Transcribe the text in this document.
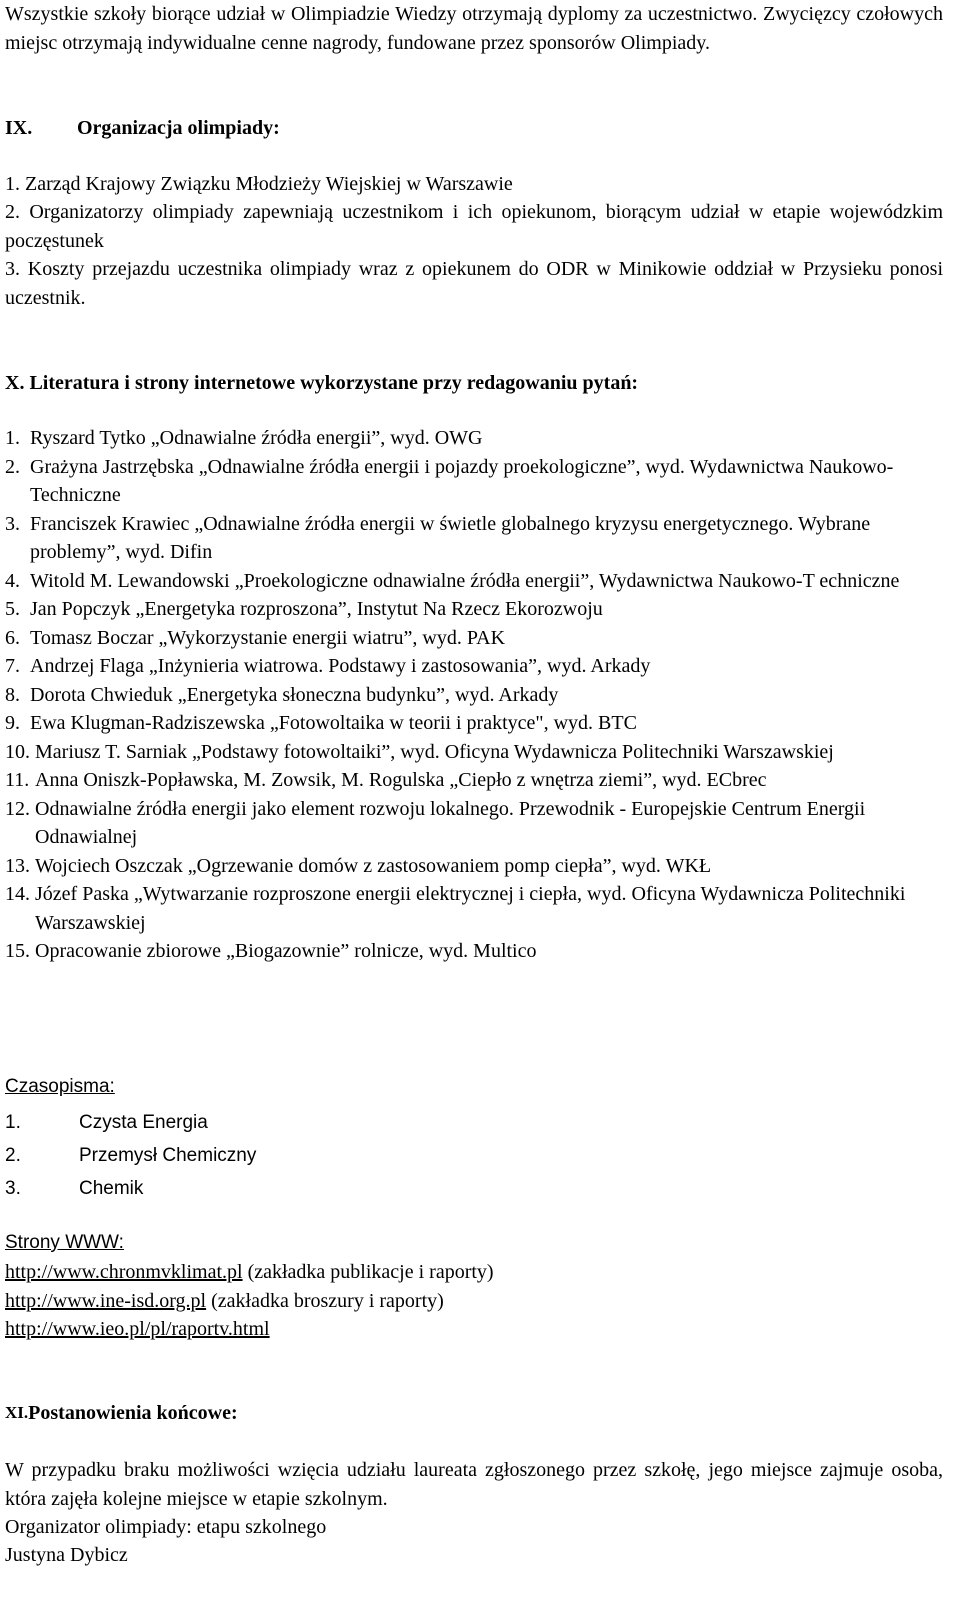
Wszystkie szkoły biorące udział w Olimpiadzie Wiedzy otrzymają dyplomy za uczestnictwo. Zwycięzcy czołowych miejsc otrzymają indywidualne cenne nagrody, fundowane przez sponsorów Olimpiady.

IX.	Organizacja olimpiady:

1. Zarząd Krajowy Związku Młodzieży Wiejskiej w Warszawie

2. Organizatorzy olimpiady zapewniają uczestnikom i ich opiekunom, biorącym udział w etapie wojewódzkim poczęstunek

3. Koszty przejazdu uczestnika olimpiady wraz z opiekunem do ODR w Minikowie oddział w Przysieku ponosi uczestnik.

X. Literatura i strony internetowe wykorzystane przy redagowaniu pytań:

1. Ryszard Tytko „Odnawialne źródła energii”, wyd. OWG
2. Grażyna Jastrzębska „Odnawialne źródła energii i pojazdy proekologiczne”, wyd. Wydawnictwa Naukowo-Techniczne
3. Franciszek Krawiec „Odnawialne źródła energii w świetle globalnego kryzysu energetycznego. Wybrane problemy”, wyd. Difin
4. Witold M. Lewandowski „Proekologiczne odnawialne źródła energii”, Wydawnictwa Naukowo-T echniczne
5. Jan Popczyk „Energetyka rozproszona”, Instytut Na Rzecz Ekorozwoju
6. Tomasz Boczar „Wykorzystanie energii wiatru”, wyd. PAK
7. Andrzej Flaga „Inżynieria wiatrowa. Podstawy i zastosowania”, wyd. Arkady
8. Dorota Chwieduk „Energetyka słoneczna budynku”, wyd. Arkady
9. Ewa Klugman-Radziszewska „Fotowoltaika w teorii i praktyce", wyd. BTC
10. Mariusz T. Sarniak „Podstawy fotowoltaiki”, wyd. Oficyna Wydawnicza Politechniki Warszawskiej
11. Anna Oniszk-Popławska, M. Zowsik, M. Rogulska „Ciepło z wnętrza ziemi”, wyd. ECbrec
12. Odnawialne źródła energii jako element rozwoju lokalnego. Przewodnik - Europejskie Centrum Energii Odnawialnej
13. Wojciech Oszczak „Ogrzewanie domów z zastosowaniem pomp ciepła”, wyd. WKŁ
14. Józef Paska „Wytwarzanie rozproszone energii elektrycznej i ciepła, wyd. Oficyna Wydawnicza Politechniki Warszawskiej
15. Opracowanie zbiorowe „Biogazownie” rolnicze, wyd. Multico

Czasopisma:

1.	Czysta Energia
2.	Przemysł Chemiczny
3.	Chemik

Strony WWW:

http://www.chronmvklimat.pl (zakładka publikacje i raporty)
http://www.ine-isd.org.pl (zakładka broszury i raporty)
http://www.ieo.pl/pl/raportv.html
XI. Postanowienia końcowe:

W przypadku braku możliwości wzięcia udziału laureata zgłoszonego przez szkołę, jego miejsce zajmuje osoba, która zajęła kolejne miejsce w etapie szkolnym.

Organizator olimpiady: etapu szkolnego

Justyna Dybicz
